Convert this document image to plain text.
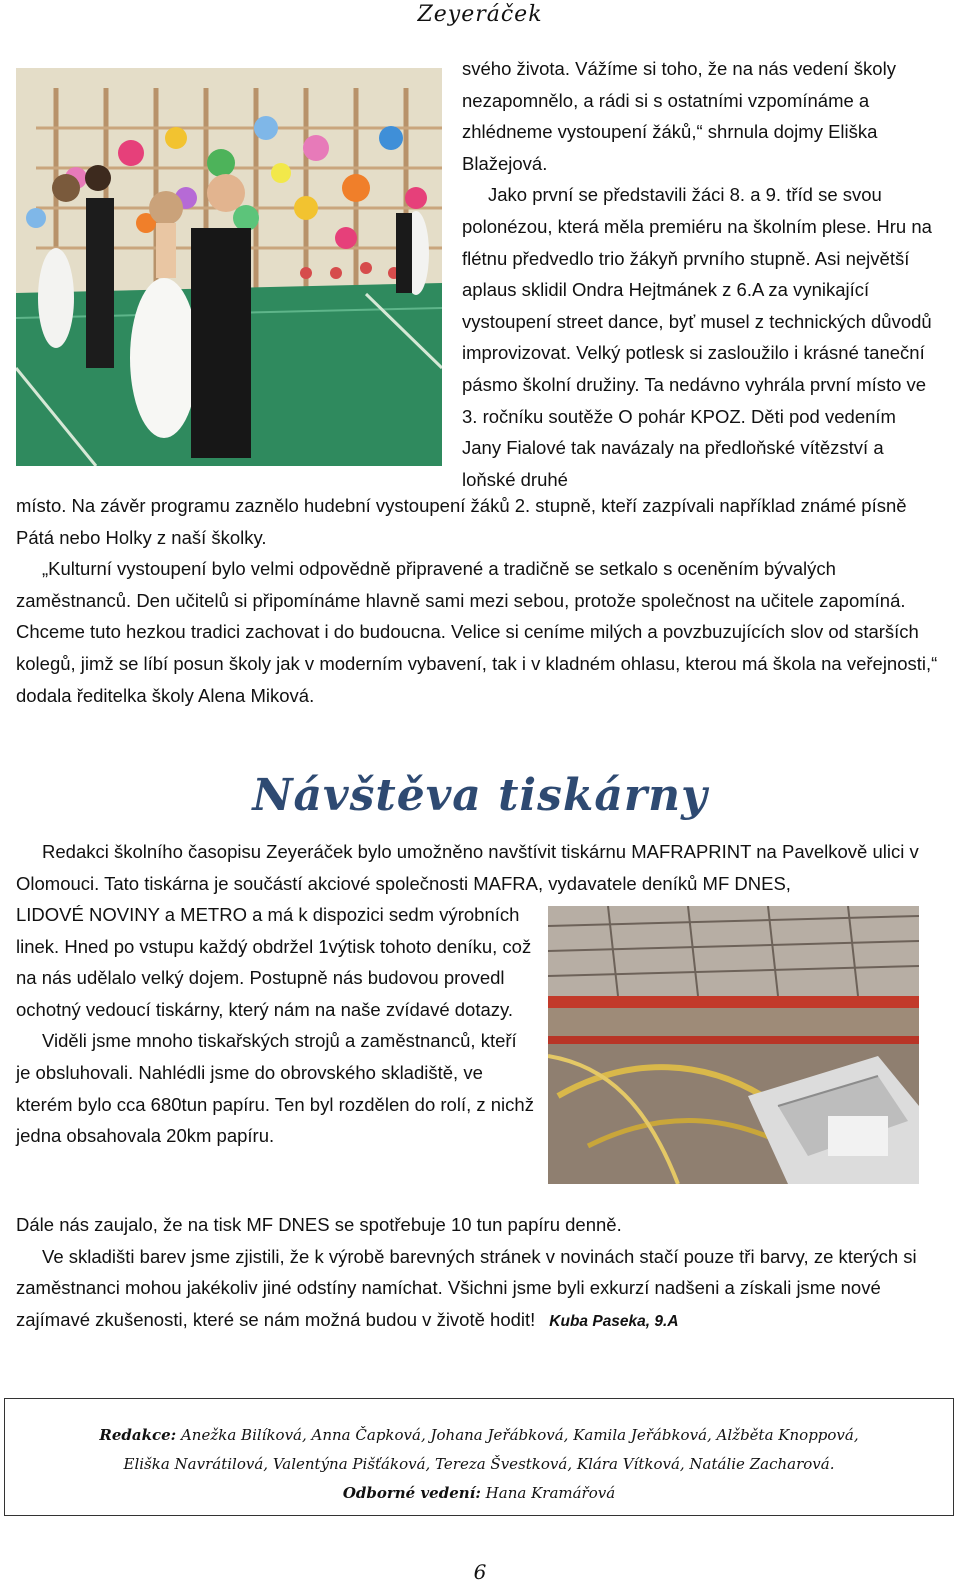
Zeyeráček
svého života. Vážíme si toho, že na nás vedení školy nezapomnělo, a rádi si s ostatními vzpomínáme a zhlédneme vystoupení žáků,“ shrnula dojmy Eliška Blažejová.
Jako první se představili žáci 8. a 9. tříd se svou polonézou, která měla premiéru na školním plese. Hru na flétnu předvedlo trio žákyň prvního stupně. Asi největší aplaus sklidil Ondra Hejtmánek z 6.A za vynikající vystoupení street dance, byť musel z technických důvodů improvizovat. Velký potlesk si zasloužilo i krásné taneční pásmo školní družiny. Ta nedávno vyhrála první místo ve 3. ročníku soutěže O pohár KPOZ. Děti pod vedením Jany Fialové tak navázaly na předloňské vítězství a loňské druhé
místo. Na závěr programu zaznělo hudební vystoupení žáků 2. stupně, kteří zazpívali například známé písně Pátá nebo Holky z naší školky.
„Kulturní vystoupení bylo velmi odpovědně připravené a tradičně se setkalo s oceněním bývalých zaměstnanců. Den učitelů si připomínáme hlavně sami mezi sebou, protože společnost na učitele zapomíná. Chceme tuto hezkou tradici zachovat i do budoucna. Velice si ceníme milých a povzbuzujících slov od starších kolegů, jimž se líbí posun školy jak v moderním vybavení, tak i v kladném ohlasu, kterou má škola na veřejnosti,“ dodala ředitelka školy Alena Miková.
Návštěva tiskárny
Redakci školního časopisu Zeyeráček bylo umožněno navštívit tiskárnu MAFRAPRINT na Pavelkově ulici v Olomouci. Tato tiskárna je součástí akciové společnosti MAFRA, vydavatele deníků MF DNES,
LIDOVÉ NOVINY a METRO a má k dispozici sedm výrobních linek. Hned po vstupu každý obdržel 1výtisk tohoto deníku, což na nás udělalo velký dojem. Postupně nás budovou provedl ochotný vedoucí tiskárny, který nám na naše zvídavé dotazy.
Viděli jsme mnoho tiskařských strojů a zaměstnanců, kteří je obsluhovali. Nahlédli jsme do obrovského skladiště, ve kterém bylo cca 680tun papíru. Ten byl rozdělen do rolí, z nichž jedna obsahovala 20km papíru.
Dále nás zaujalo, že na tisk MF DNES se spotřebuje 10 tun papíru denně.
Ve skladišti barev jsme zjistili, že k výrobě barevných stránek v novinách stačí pouze tři barvy, ze kterých si zaměstnanci mohou jakékoliv jiné odstíny namíchat. Všichni jsme byli exkurzí nadšeni a získali jsme nové zajímavé zkušenosti, které se nám možná budou v životě hodit! Kuba Paseka, 9.A
Redakce: Anežka Bilíková, Anna Čapková, Johana Jeřábková, Kamila Jeřábková, Alžběta Knoppová,
Eliška Navrátilová, Valentýna Pišťáková, Tereza Švestková, Klára Vítková, Natálie Zacharová.
Odborné vedení: Hana Kramářová
6
